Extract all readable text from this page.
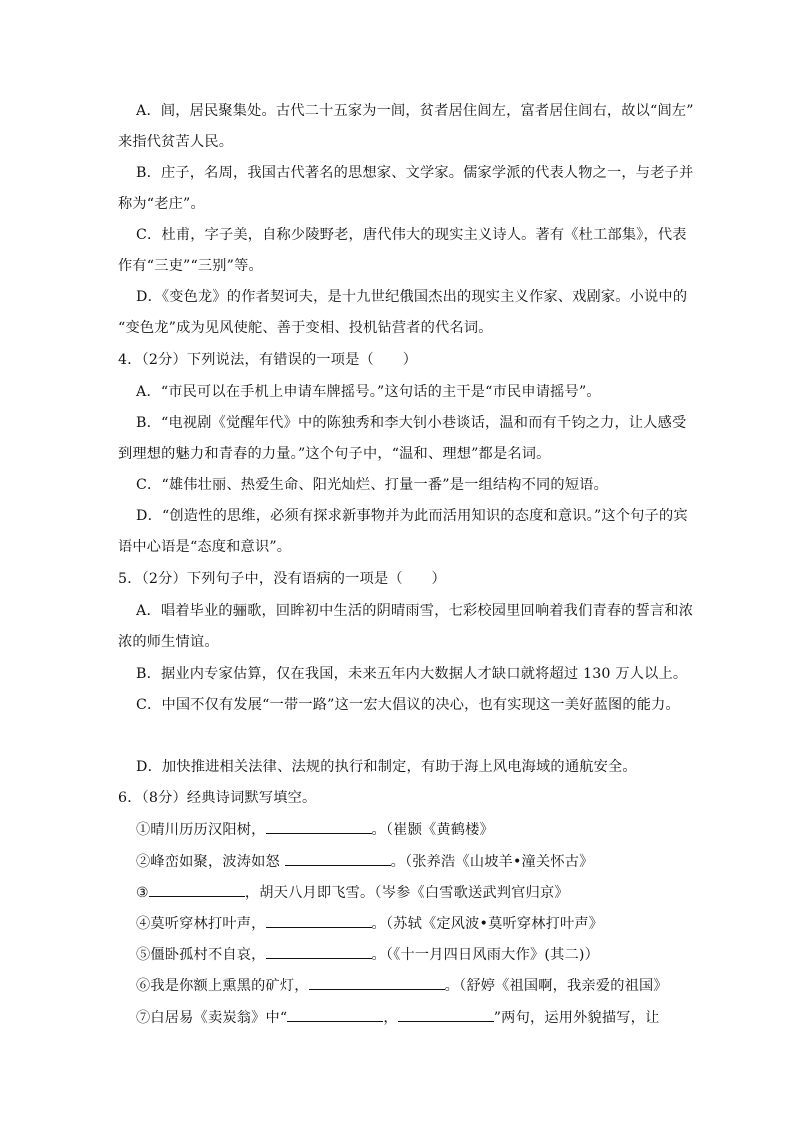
A．闾，居民聚集处。古代二十五家为一闾，贫者居住闾左，富者居住闾右，故以“闾左”
来指代贫苦人民。
B．庄子，名周，我国古代著名的思想家、文学家。儒家学派的代表人物之一，与老子并
称为“老庄”。
C．杜甫，字子美，自称少陵野老，唐代伟大的现实主义诗人。著有《杜工部集》，代表
作有“三吏”“三别”等。
D．《变色龙》的作者契诃夫，是十九世纪俄国杰出的现实主义作家、戏剧家。小说中的
“变色龙”成为见风使舵、善于变相、投机钻营者的代名词。
4．（2分）下列说法，有错误的一项是（　　）
A．“市民可以在手机上申请车牌摇号。”这句话的主干是“市民申请摇号”。
B．“电视剧《觉醒年代》中的陈独秀和李大钊小巷谈话，温和而有千钧之力，让人感受
到理想的魅力和青春的力量。”这个句子中，“温和、理想”都是名词。
C．“雄伟壮丽、热爱生命、阳光灿烂、打量一番”是一组结构不同的短语。
D．“创造性的思维，必须有探求新事物并为此而活用知识的态度和意识。”这个句子的宾
语中心语是“态度和意识”。
5．（2分）下列句子中，没有语病的一项是（　　）
A．唱着毕业的骊歌，回眸初中生活的阴晴雨雪，七彩校园里回响着我们青春的誓言和浓
浓的师生情谊。
B．据业内专家估算，仅在我国，未来五年内大数据人才缺口就将超过 130 万人以上。
C．中国不仅有发展“一带一路”这一宏大倡议的决心，也有实现这一美好蓝图的能力。
D．加快推进相关法律、法规的执行和制定，有助于海上风电海域的通航安全。
6．（8分）经典诗词默写填空。
①晴川历历汉阳树，	。（崔颢《黄鹤楼》
②峰峦如聚，波涛如怒	。（张养浩《山坡羊•潼关怀古》
③	，胡天八月即飞雪。（岑参《白雪歌送武判官归京》
④莫听穿林打叶声，	。（苏轼《定风波•莫听穿林打叶声》
⑤僵卧孤村不自哀，	。（《十一月四日风雨大作》(其二)）
⑥我是你额上熏黑的矿灯，	。（舒婷《祖国啊，我亲爱的祖国》
⑦白居易《卖炭翁》中“	，	”两句，运用外貌描写，让
